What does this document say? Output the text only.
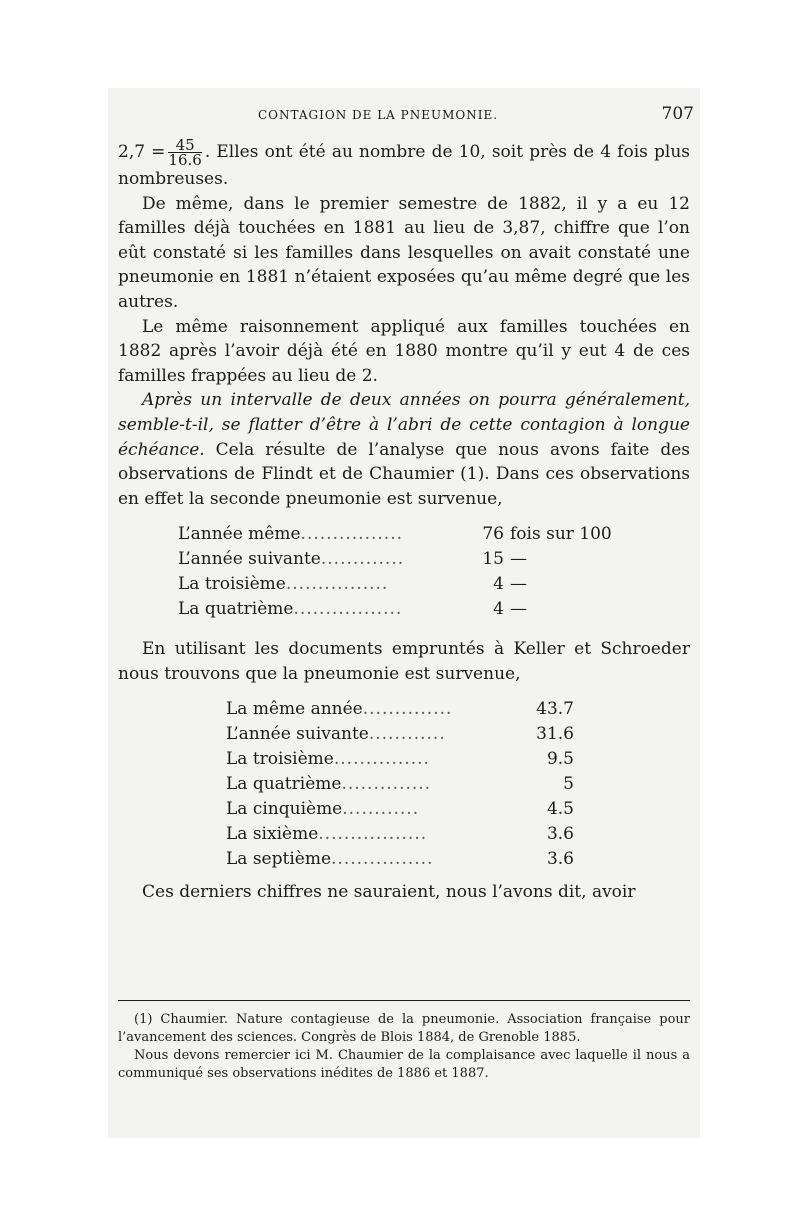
CONTAGION DE LA PNEUMONIE.	707

$2,7 = \frac{45}{16.6}$ . Elles ont été au nombre de 10, soit près de 4 fois plus nombreuses.

De même, dans le premier semestre de 1882, il y a eu 12 familles déjà touchées en 1881 au lieu de 3,87, chiffre que l’on eût constaté si les familles dans lesquelles on avait constaté une pneumonie en 1881 n’étaient exposées qu’au même degré que les autres.

Le même raisonnement appliqué aux familles touchées en 1882 après l’avoir déjà été en 1880 montre qu’il y eut 4 de ces familles frappées au lieu de 2.

Après un intervalle de deux années on pourra généralement, semble-t-il, se flatter d’être à l’abri de cette contagion à longue échéance. Cela résulte de l’analyse que nous avons faite des observations de Flindt et de Chaumier (1). Dans ces observations en effet la seconde pneumonie est survenue,

L’année même................	76	fois sur 100
L’année suivante.............	15	—
La troisième................	4	—
La quatrième.................	4	—

En utilisant les documents empruntés à Keller et Schroeder nous trouvons que la pneumonie est survenue,

La même année..............	43.7
L’année suivante............	31.6
La troisième...............	9.5
La quatrième..............	5
La cinquième............	4.5
La sixième.................	3.6
La septième................	3.6

Ces derniers chiffres ne sauraient, nous l’avons dit, avoir

(1) Chaumier. Nature contagieuse de la pneumonie. Association française pour l’avancement des sciences. Congrès de Blois 1884, de Grenoble 1885.

Nous devons remercier ici M. Chaumier de la complaisance avec laquelle il nous a communiqué ses observations inédites de 1886 et 1887.
